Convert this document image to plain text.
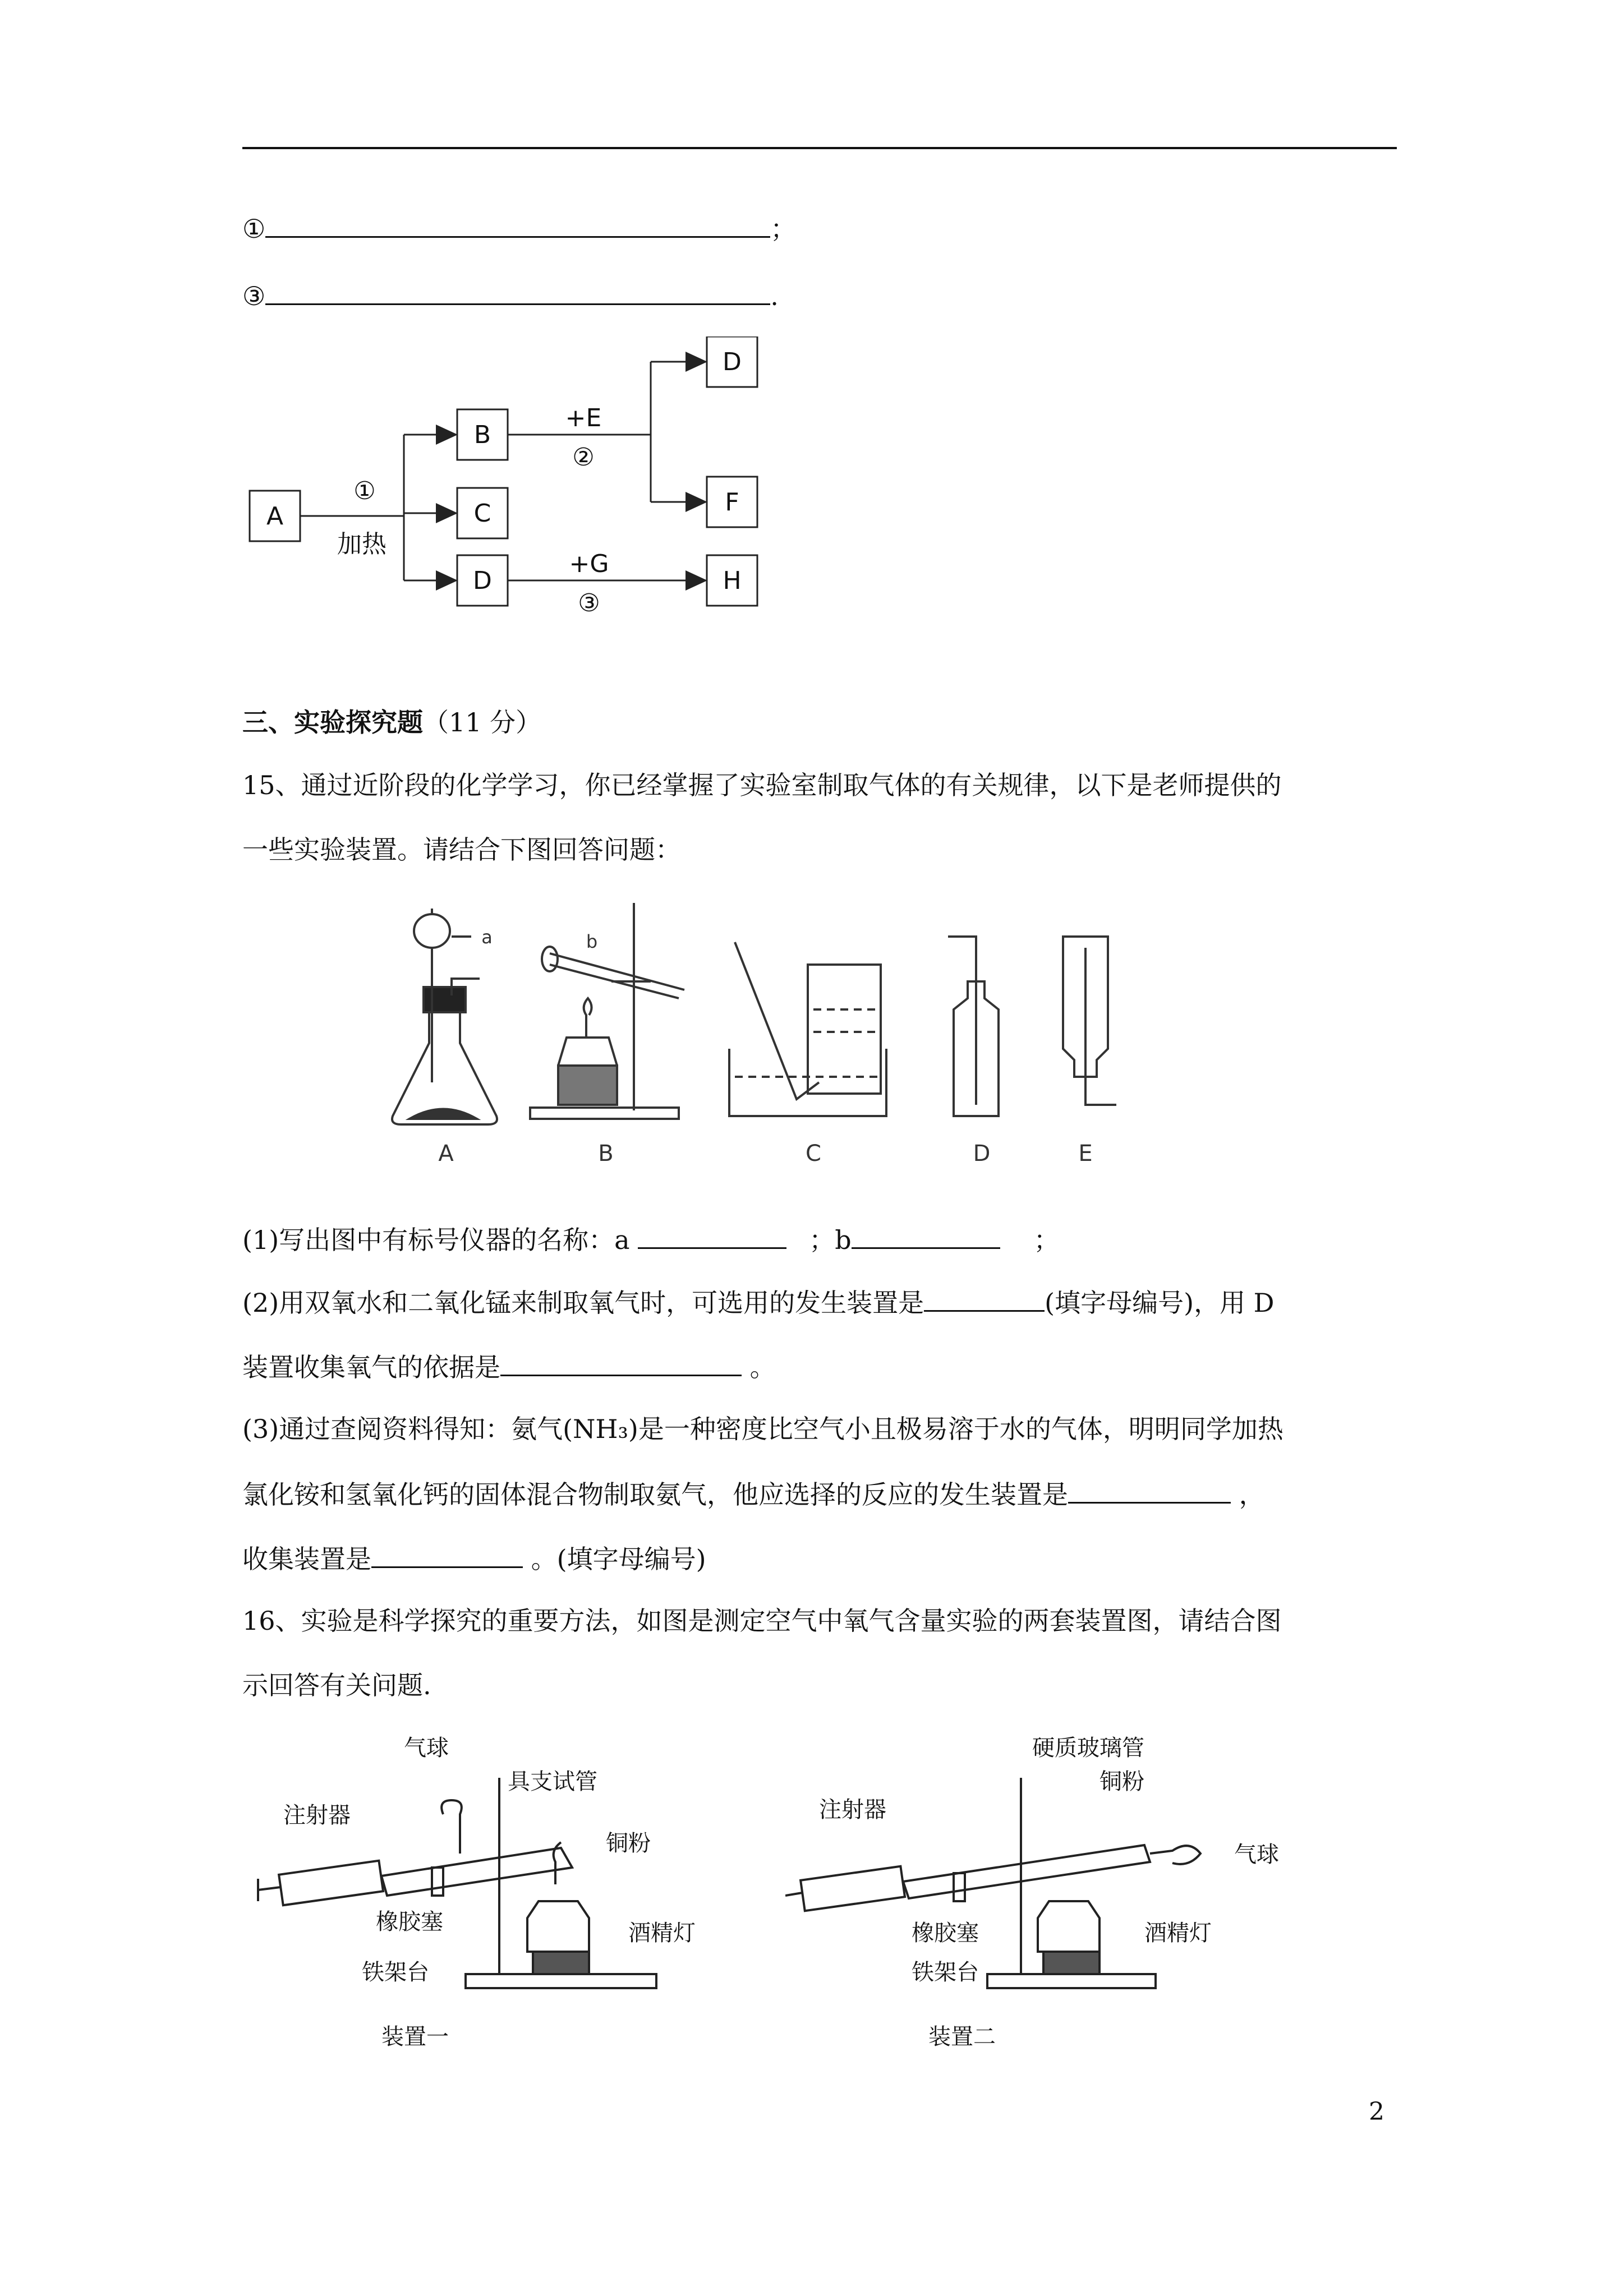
①	；
③	.
A
B
C
D
D
F
H
①
加热
+E
②
+G
③
三、实验探究题（11 分）
15、通过近阶段的化学学习，你已经掌握了实验室制取气体的有关规律，以下是老师提供的
一些实验装置。请结合下图回答问题：
a	b
A	B	C	D	E
(1)写出图中有标号仪器的名称：a	；b	；
(2)用双氧水和二氧化锰来制取氧气时，可选用的发生装置是	(填字母编号)，用 D
装置收集氧气的依据是	。
(3)通过查阅资料得知：氨气(NH₃)是一种密度比空气小且极易溶于水的气体，明明同学加热
氯化铵和氢氧化钙的固体混合物制取氨气，他应选择的反应的发生装置是	，
收集装置是	。(填字母编号)
16、实验是科学探究的重要方法，如图是测定空气中氧气含量实验的两套装置图，请结合图
示回答有关问题.
气球
注射器
具支试管
铜粉
橡胶塞	酒精灯
铁架台
装置一
硬质玻璃管
铜粉
注射器
气球
橡胶塞	酒精灯
铁架台
装置二
2
